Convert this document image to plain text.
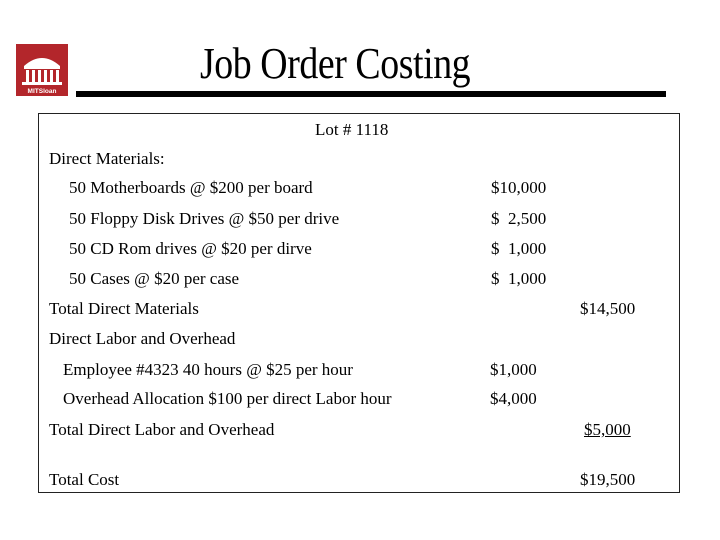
MITSloan
Job Order Costing
Lot # 1118
Direct Materials:
50 Motherboards @ $200 per board	$10,000
50 Floppy Disk Drives @ $50 per drive	$  2,500
50 CD Rom drives @ $20 per dirve	$  1,000
50 Cases @ $20 per case	$  1,000
Total Direct Materials	$14,500
Direct Labor and Overhead
Employee #4323 40 hours @ $25 per hour	$1,000
Overhead Allocation $100 per direct Labor hour	$4,000
Total Direct Labor and Overhead	$5,000
Total Cost	$19,500
